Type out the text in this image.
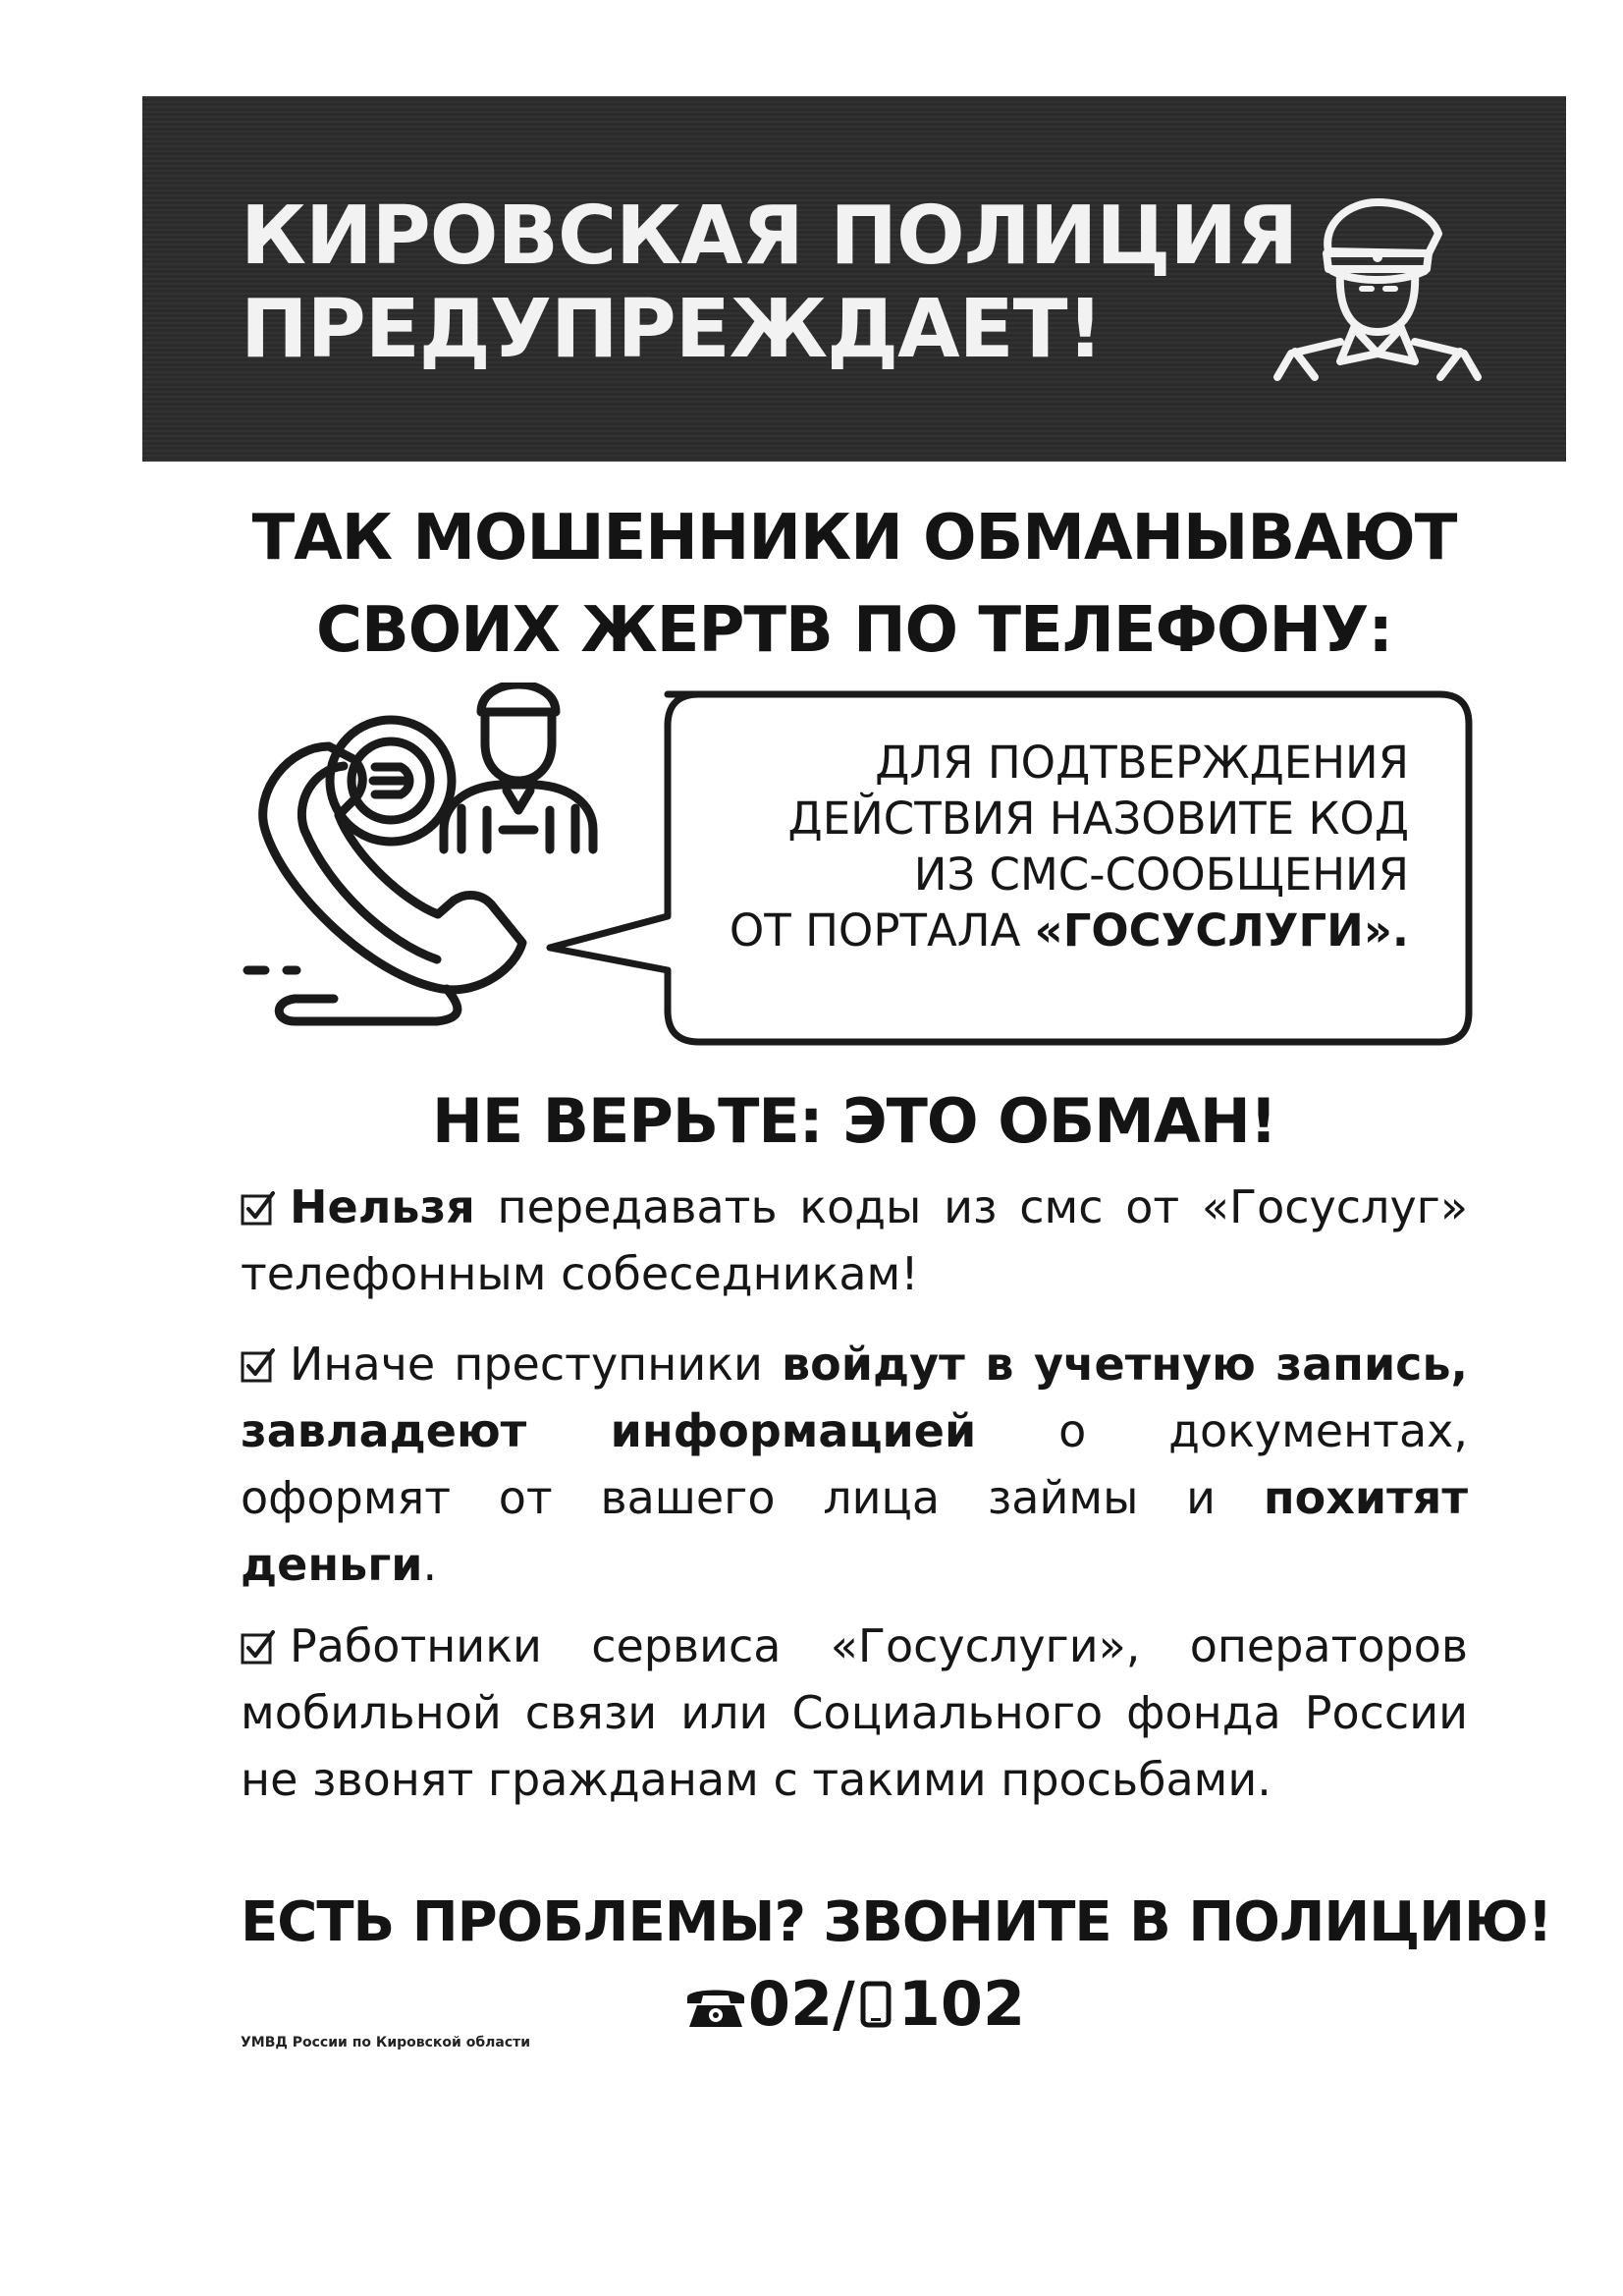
КИРОВСКАЯ ПОЛИЦИЯ
ПРЕДУПРЕЖДАЕТ!
ТАК МОШЕННИКИ ОБМАНЫВАЮТ
СВОИХ ЖЕРТВ ПО ТЕЛЕФОНУ:
ДЛЯ ПОДТВЕРЖДЕНИЯ
ДЕЙСТВИЯ НАЗОВИТЕ КОД
ИЗ СМС-СООБЩЕНИЯ
ОТ ПОРТАЛА «ГОСУСЛУГИ».
НЕ ВЕРЬТЕ: ЭТО ОБМАН!
Нельзя передавать коды из смс от «Госуслуг» телефонным собеседникам!
Иначе преступники войдут в учетную запись, завладеют информацией о документах, оформят от вашего лица займы и похитят деньги.
Работники сервиса «Госуслуги», операторов мобильной связи или Социального фонда России не звонят гражданам с такими просьбами.
ЕСТЬ ПРОБЛЕМЫ? ЗВОНИТЕ В ПОЛИЦИЮ!
02/ 102
УМВД России по Кировской области
